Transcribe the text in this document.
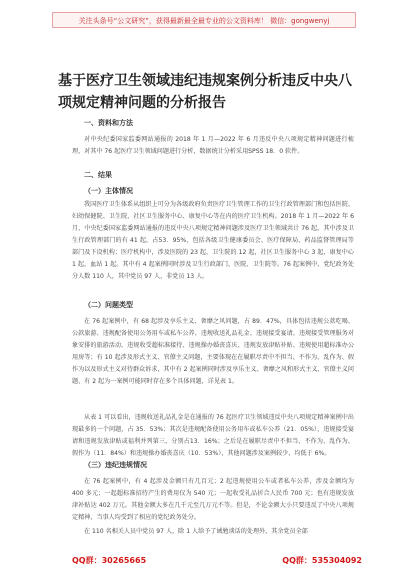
关注头条号“公文研究”，获得最新最全最专业的公文资料库！ 微信：gongwenyj
基于医疗卫生领域违纪违规案例分析违反中央八项规定精神问题的分析报告
一、资料和方法

对中央纪委国家监委网站通报的 2018 年 1 月—2022 年 6 月违反中央八项规定精神问题进行梳理，对其中 76 起医疗卫生领域问题进行分析，数据统计分析采用SPSS 18．0 软件。

二、结果
（一）主体情况

我国医疗卫生体系从组织上可分为各级政府负责医疗卫生管理工作的卫生行政管理部门和包括医院、妇幼保健院、卫生院、社区卫生服务中心、康复中心等在内的医疗卫生机构。2018 年 1 月—2022 年 6 月，中央纪委国家监委网站通报的违反中央八项规定精神问题涉及医疗卫生领域共计 76 起，其中涉及卫生行政管理部门的有 41 起，占53．95%，包括各级卫生健康委员会、医疗保障局、药品监督管理局等部门及下设机构；医疗机构中，涉及医院的 23 起，卫生院的 12 起，社区卫生服务中心 3 起，康复中心 1 起，血站 1 起。其中有 4 起案例同时涉及卫生行政部门、医院、卫生院等。76 起案例中，党纪政务处分人数 110 人，其中党员 97 人，非党员 13 人。

（二）问题类型

在 76 起案例中，有 68 起涉及享乐主义、奢靡之风问题，占 89．47%，具体包括违规公款吃喝、公款旅游、违规配备使用公务用车或私车公养、违规收送礼品礼金、违规接受宴请、违规接受管理服务对象安排的旅游活动、违规收受超标准接待、违规操办婚丧喜庆、违规发放津贴补贴、违规使用超标准办公用房等；有 10 起涉及形式主义、官僚主义问题，主要体现在在履职尽责中不担当、不作为、乱作为、假作为以及形式主义对待群众诉求，其中有 2 起案例同时涉及享乐主义、奢靡之风和形式主义、官僚主义问题，有 2 起为一案例可能同时存在多个具体问题，详见表 1。

从表 1 可以看出，违规收送礼品礼金是在通报的 76 起医疗卫生领域违反中央八项规定精神案例中出现最多的一个问题，占 35．53%；其次是违规配备使用公务用车或私车公养（21．05%），违规接受宴请和违规发放津贴或福利并列第三，分别占13．16%；之后是在履职尽责中不担当、不作为、乱作为、假作为（11．84%）和违规操办婚丧喜庆（10．53%），其他问题涉及案例较少，均低于 6%。

（三）违纪违规情况

在 76 起案例中，有 4 起涉及金额只有几百元；2 起违规使用公车或者私车公养，涉及金额均为 400 多元；一起超标准招待产生的费用仅为 540 元；一起收受礼品折合人民币 700 元；也有违规发放津补贴达 402 万元。其他金额大多在几千元至几万元不等。但是，不论金额大小只要违反了中央八项规定精神，当事人均受到了相应的党纪政务处分。

在 110 名相关人员中党员 97 人，除 1 人给予了诫勉谈话的处理外，其余党员全部

QQ群：30265665	QQ群：535304092
